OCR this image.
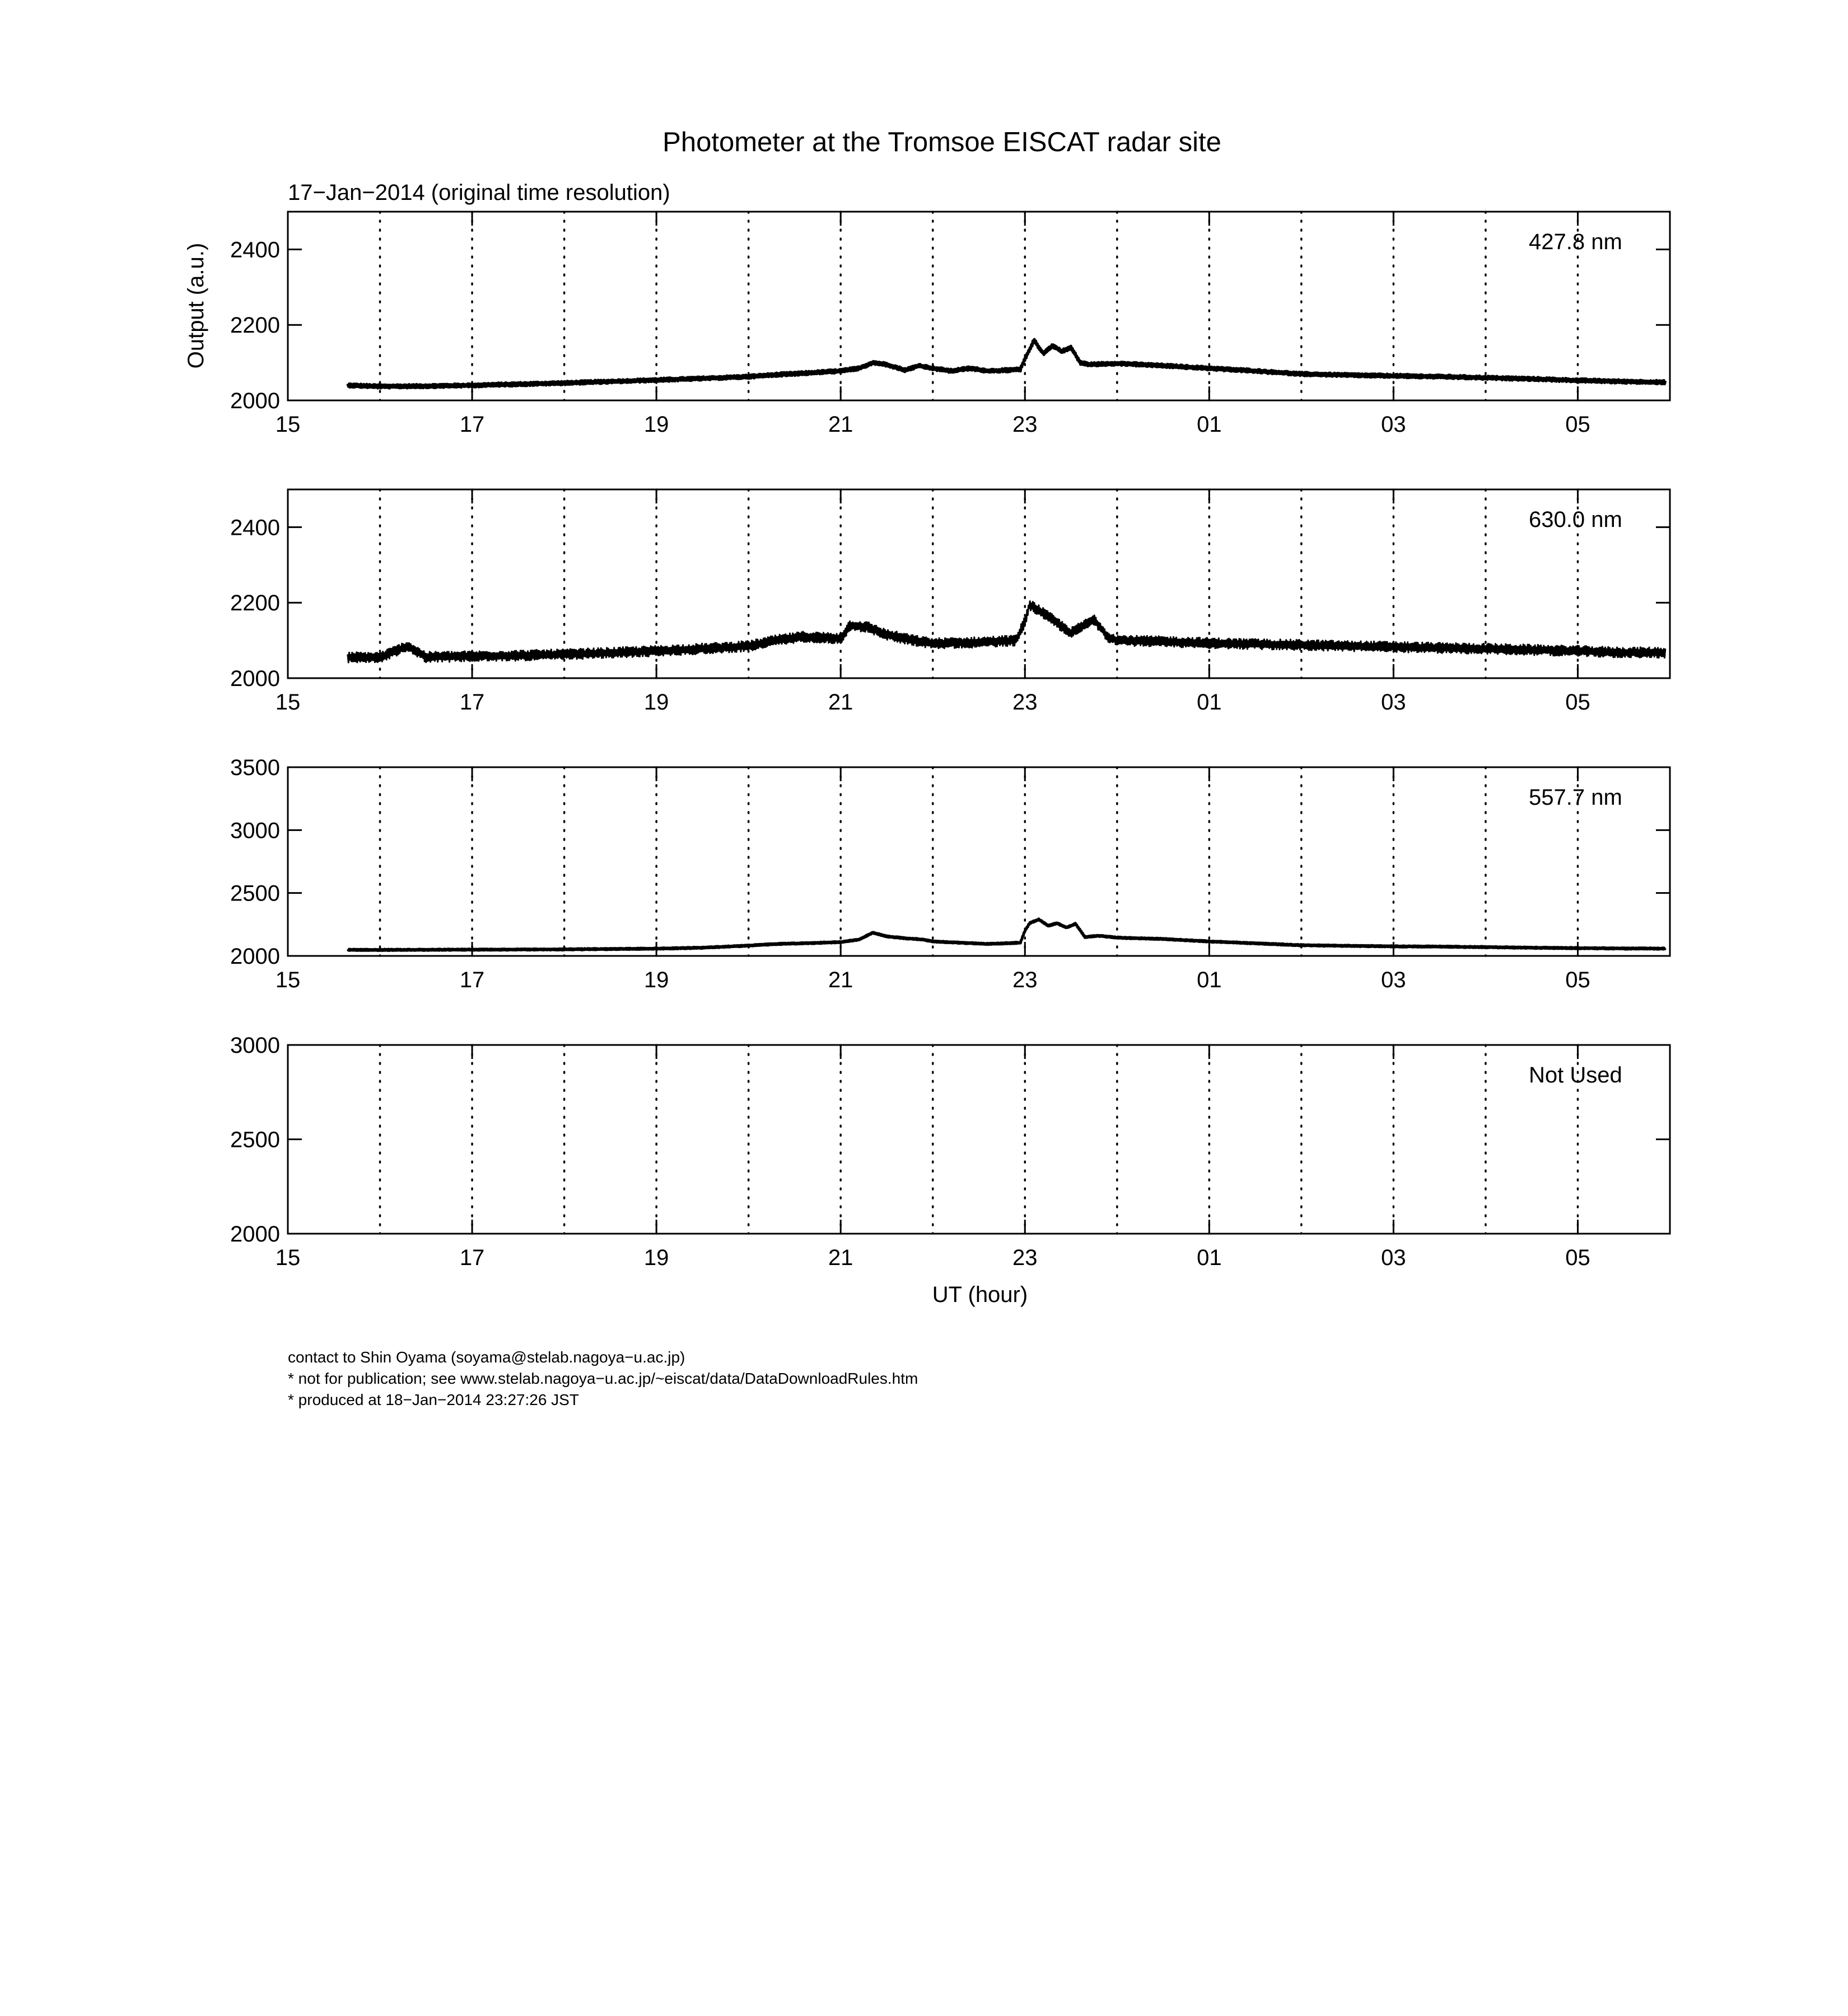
Photometer at the Tromsoe EISCAT radar site
17−Jan−2014 (original time resolution)
Output (a.u.)
UT (hour)
2000
2200
2400
15	17	19	21	23	01	03	05
427.8 nm
2000
2200
2400
15	17	19	21	23	01	03	05
630.0 nm
2000
2500
3000
3500
15	17	19	21	23	01	03	05
557.7 nm
2000
2500
3000
15	17	19	21	23	01	03	05
Not Used
contact to Shin Oyama (soyama@stelab.nagoya−u.ac.jp)
* not for publication; see www.stelab.nagoya−u.ac.jp/~eiscat/data/DataDownloadRules.htm
* produced at 18−Jan−2014 23:27:26 JST
